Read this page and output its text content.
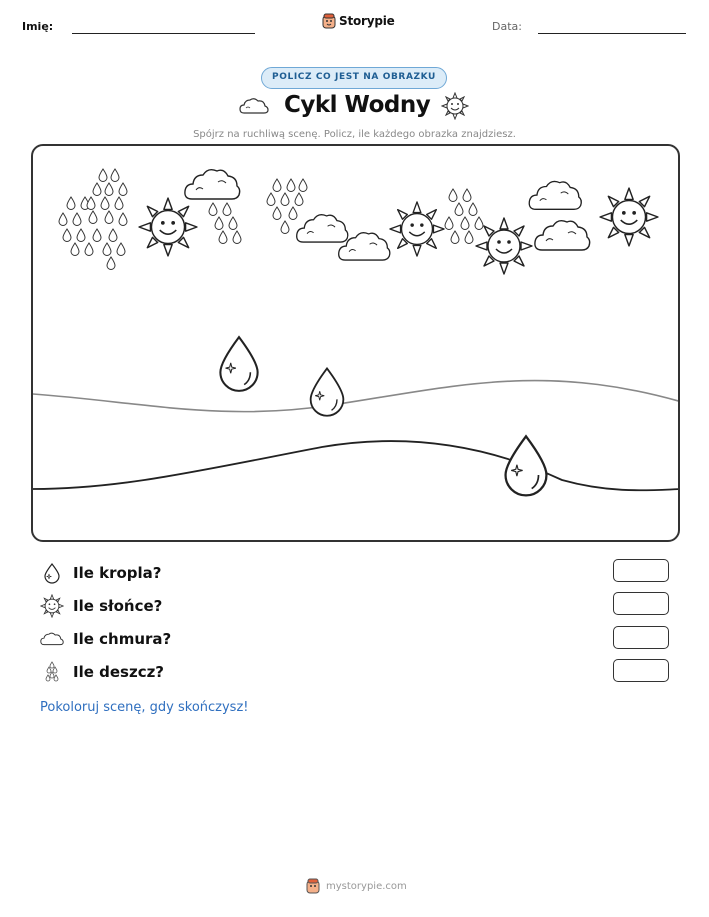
Imię:	Storypie	Data:
POLICZ CO JEST NA OBRAZKU
Cykl Wodny
Spójrz na ruchliwą scenę. Policz, ile każdego obrazka znajdziesz.
Ile kropla?
Ile słońce?
Ile chmura?
Ile deszcz?
Pokoloruj scenę, gdy skończysz!
mystorypie.com
